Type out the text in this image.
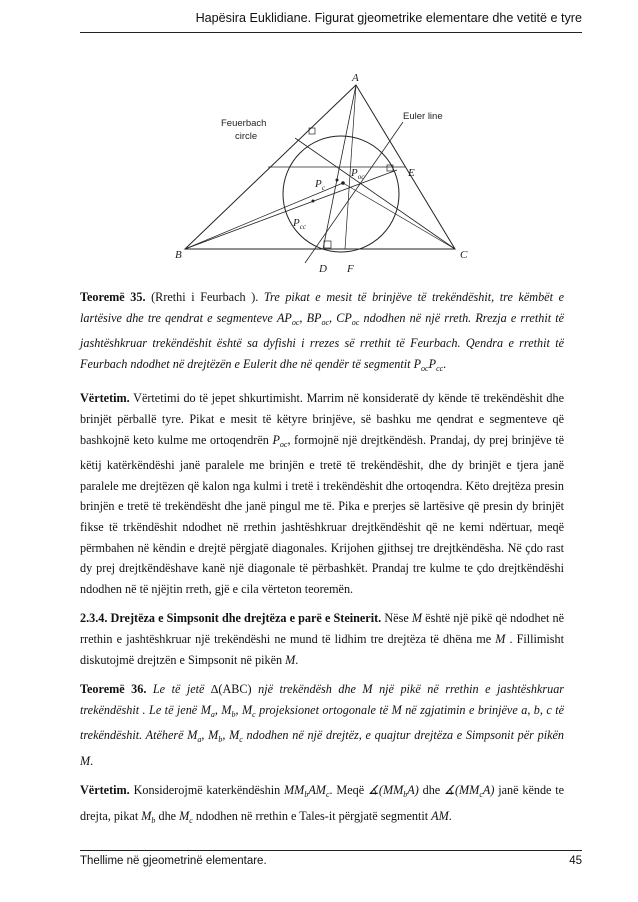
Hapësira Euklidiane. Figurat gjeometrike elementare dhe vetitë e tyre
A
B	C
D F
E
$P_{oc}$
$P_c$
$P_{cc}$
Feuerbach
circle
Euler line

Teoremë 35. (Rrethi i Feurbach ). Tre pikat e mesit të brinjëve të trekëndëshit, tre këmbët e lartësive dhe tre qendrat e segmenteve $AP_{oc}$, $BP_{oc}$, $CP_{oc}$ ndodhen në një rreth. Rrezja e rrethit të jashtëshkruar trekëndëshit është sa dyfishi i rrezes së rrethit të Feurbach. Qendra e rrethit të Feurbach ndodhet në drejtëzën e Eulerit dhe në qendër të segmentit $P_{oc}P_{cc}$.

Vërtetim. Vërtetimi do të jepet shkurtimisht. Marrim në konsideratë dy kënde të trekëndëshit dhe brinjët përballë tyre. Pikat e mesit të këtyre brinjëve, së bashku me qendrat e segmenteve që bashkojnë keto kulme me ortoqendrën $P_{oc}$, formojnë një drejtkëndësh. Prandaj, dy prej brinjëve të këtij katërkëndëshi janë paralele me brinjën e tretë të trekëndëshit, dhe dy brinjët e tjera janë paralele me drejtëzen që kalon nga kulmi i tretë i trekëndëshit dhe ortoqendra. Këto drejtëza presin brinjën e tretë të trekëndësht dhe janë pingul me të. Pika e prerjes së lartësive që presin dy brinjët fikse të trkëndëshit ndodhet në rrethin jashtëshkruar drejtkëndëshit që ne kemi ndërtuar, meqë përmbahen në këndin e drejtë përgjatë diagonales. Krijohen gjithsej tre drejtkëndësha. Në çdo rast dy prej drejtkëndëshave kanë një diagonale të përbashkët. Prandaj tre kulme te çdo drejtkëndëshi ndodhen në të njëjtin rreth, gjë e cila vërteton teoremën.

2.3.4. Drejtëza e Simpsonit dhe drejtëza e parë e Steinerit. Nëse M është një pikë që ndodhet në rrethin e jashtëshkruar një trekëndëshi ne mund të lidhim tre drejtëza të dhëna me M . Fillimisht diskutojmë drejtzën e Simpsonit në pikën M.

Teoremë 36. Le të jetë ∆(ABC) një trekëndësh dhe M një pikë në rrethin e jashtëshkruar trekëndëshit . Le të jenë $M_a$, $M_b$, $M_c$ projeksionet ortogonale të M në zgjatimin e brinjëve a, b, c të trekëndëshit. Atëherë $M_a$, $M_b$, $M_c$ ndodhen në një drejtëz, e quajtur drejtëza e Simpsonit për pikën M.

Vërtetim. Konsiderojmë katerkëndëshin $MM_bAM_c$. Meqë $∡(MM_bA)$ dhe $∡(MM_cA)$ janë kënde te drejta, pikat $M_b$ dhe $M_c$ ndodhen në rrethin e Tales-it përgjatë segmentit AM.

Thellime në gjeometrinë elementare.	45
